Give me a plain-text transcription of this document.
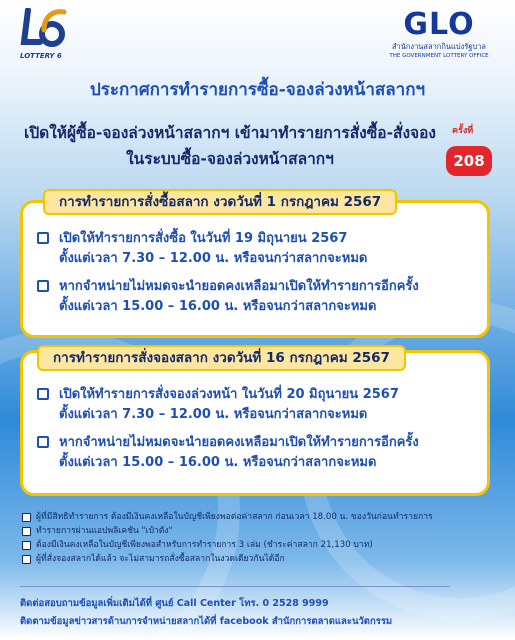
LOTTERY 6
GLO
สำนักงานสลากกินแบ่งรัฐบาล
THE GOVERNMENT LOTTERY OFFICE
ประกาศการทำรายการซื้อ-จองล่วงหน้าสลากฯ
เปิดให้ผู้ซื้อ-จองล่วงหน้าสลากฯ เข้ามาทำรายการสั่งซื้อ-สั่งจอง
ในระบบซื้อ-จองล่วงหน้าสลากฯ
ครั้งที่
208
การทำรายการสั่งซื้อสลาก งวดวันที่ 1 กรกฎาคม 2567
เปิดให้ทำรายการสั่งซื้อ ในวันที่ 19 มิถุนายน 2567
ตั้งแต่เวลา 7.30 – 12.00 น. หรือจนกว่าสลากจะหมด
หากจำหน่ายไม่หมดจะนำยอดคงเหลือมาเปิดให้ทำรายการอีกครั้ง
ตั้งแต่เวลา 15.00 – 16.00 น. หรือจนกว่าสลากจะหมด
การทำรายการสั่งจองสลาก งวดวันที่ 16 กรกฎาคม 2567
เปิดให้ทำรายการสั่งจองล่วงหน้า ในวันที่ 20 มิถุนายน 2567
ตั้งแต่เวลา 7.30 – 12.00 น. หรือจนกว่าสลากจะหมด
หากจำหน่ายไม่หมดจะนำยอดคงเหลือมาเปิดให้ทำรายการอีกครั้ง
ตั้งแต่เวลา 15.00 – 16.00 น. หรือจนกว่าสลากจะหมด
ผู้ที่มีสิทธิทำรายการ ต้องมีเงินคงเหลือในบัญชีเพียงพอต่อค่าสลาก ก่อนเวลา 18.00 น. ของวันก่อนทำรายการ
ทำรายการผ่านแอปพลิเคชัน "เป๋าตัง"
ต้องมีเงินคงเหลือในบัญชีเพียงพอสำหรับการทำรายการ 3 เล่ม (ชำระค่าสลาก 21,130 บาท)
ผู้ที่สั่งจองสลากได้แล้ว จะไม่สามารถสั่งซื้อสลากในงวดเดียวกันได้อีก
ติดต่อสอบถามข้อมูลเพิ่มเติมได้ที่ ศูนย์ Call Center โทร. 0 2528 9999
ติดตามข้อมูลข่าวสารด้านการจำหน่ายสลากได้ที่ facebook สำนักการตลาดและนวัตกรรม
